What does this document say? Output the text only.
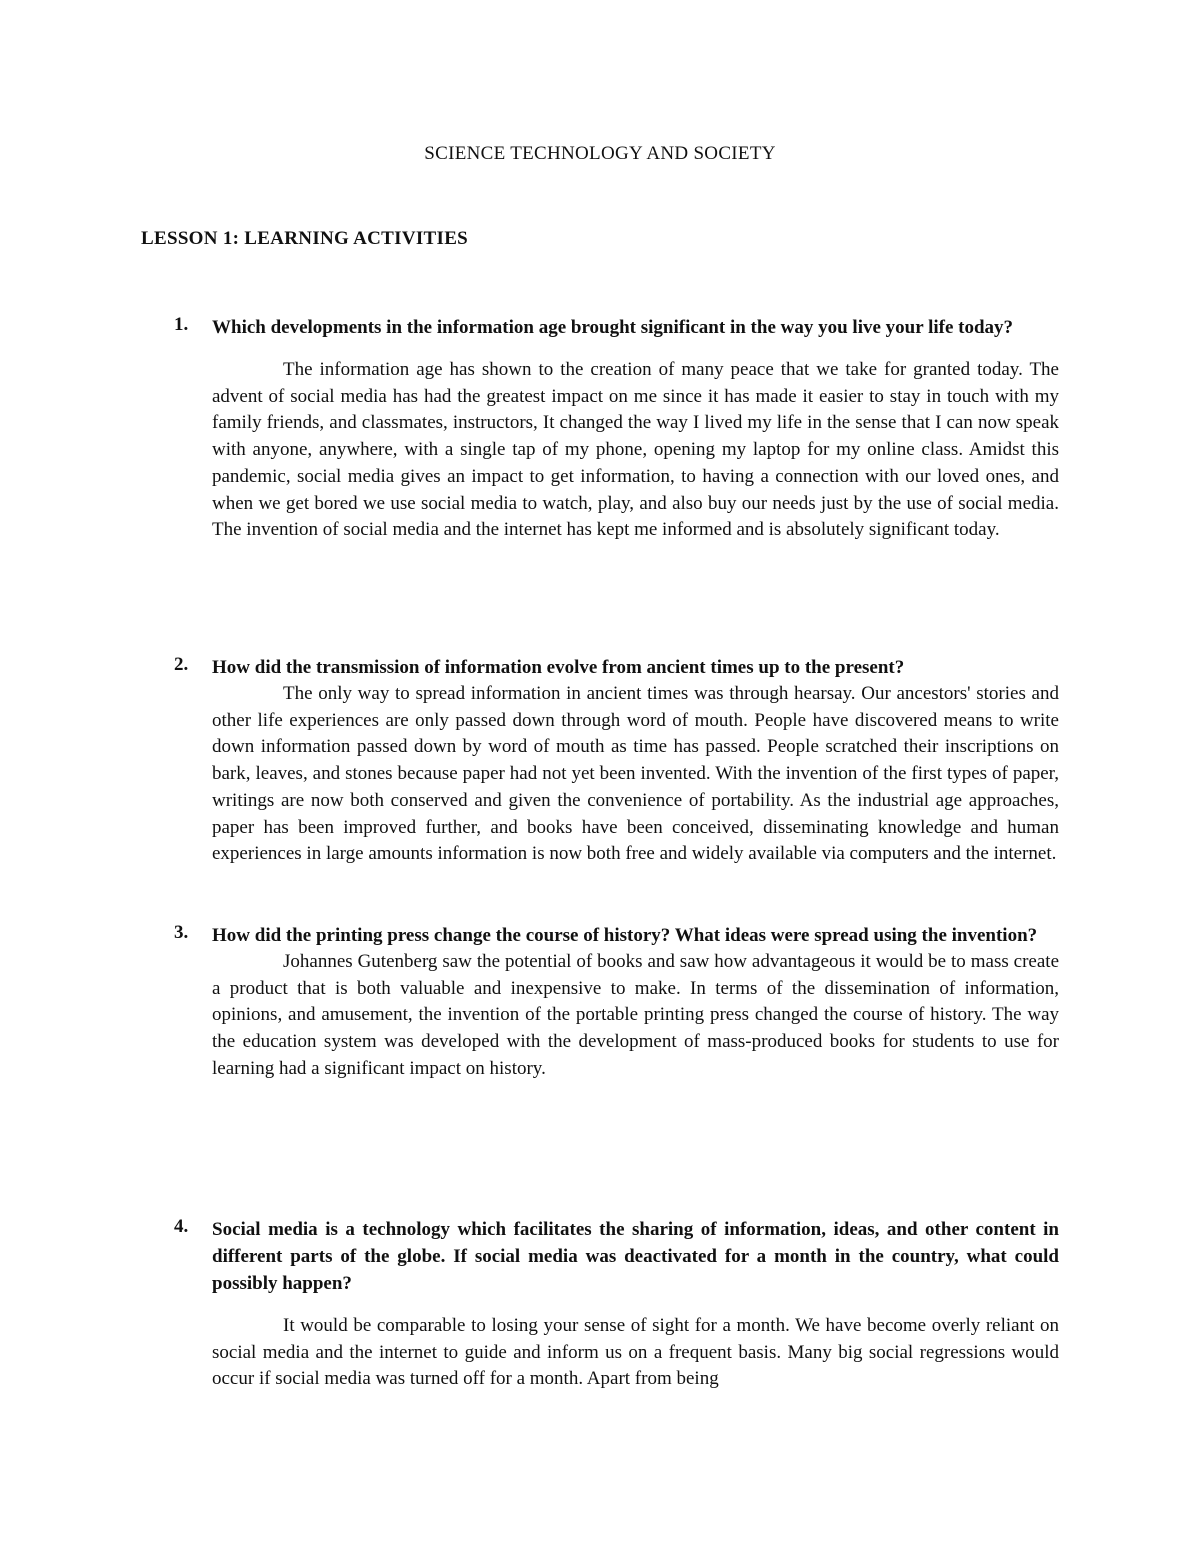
SCIENCE TECHNOLOGY AND SOCIETY
LESSON 1: LEARNING ACTIVITIES
1. Which developments in the information age brought significant in the way you live your life today?
The information age has shown to the creation of many peace that we take for granted today. The advent of social media has had the greatest impact on me since it has made it easier to stay in touch with my family friends, and classmates, instructors, It changed the way I lived my life in the sense that I can now speak with anyone, anywhere, with a single tap of my phone, opening my laptop for my online class. Amidst this pandemic, social media gives an impact to get information, to having a connection with our loved ones, and when we get bored we use social media to watch, play, and also buy our needs just by the use of social media. The invention of social media and the internet has kept me informed and is absolutely significant today.
2. How did the transmission of information evolve from ancient times up to the present?
The only way to spread information in ancient times was through hearsay. Our ancestors' stories and other life experiences are only passed down through word of mouth. People have discovered means to write down information passed down by word of mouth as time has passed. People scratched their inscriptions on bark, leaves, and stones because paper had not yet been invented. With the invention of the first types of paper, writings are now both conserved and given the convenience of portability. As the industrial age approaches, paper has been improved further, and books have been conceived, disseminating knowledge and human experiences in large amounts information is now both free and widely available via computers and the internet.
3. How did the printing press change the course of history? What ideas were spread using the invention?
Johannes Gutenberg saw the potential of books and saw how advantageous it would be to mass create a product that is both valuable and inexpensive to make. In terms of the dissemination of information, opinions, and amusement, the invention of the portable printing press changed the course of history. The way the education system was developed with the development of mass-produced books for students to use for learning had a significant impact on history.
4. Social media is a technology which facilitates the sharing of information, ideas, and other content in different parts of the globe. If social media was deactivated for a month in the country, what could possibly happen?
It would be comparable to losing your sense of sight for a month. We have become overly reliant on social media and the internet to guide and inform us on a frequent basis. Many big social regressions would occur if social media was turned off for a month. Apart from being
